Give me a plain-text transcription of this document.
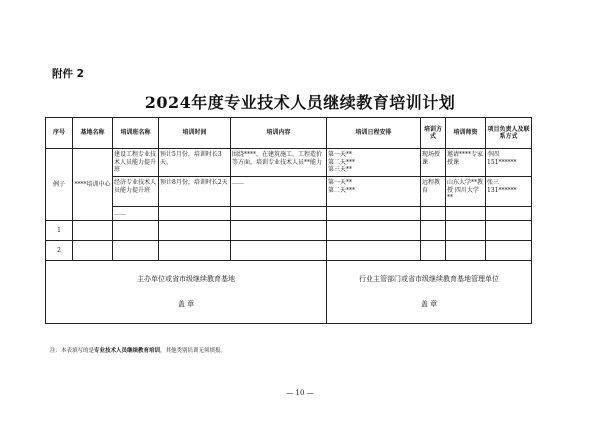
附件 2
2024年度专业技术人员继续教育培训计划
序号	基地名称	培训班名称	培训时间	培训内容	培训日程安排	培训方式	培训师资	项目负责人及联系方式
例子	****培训中心	建设工程专业技术人员能力提升班	预计5月份，培训时长3天。	围绕****，在建筑施工、工程造价等方面，培训专业技术人员**能力	第一天**
第二天***
第三天**	现场授课	邀请****专家授课	李四 151******
		经济专业技术人员能力提升班	预计8月份，培训时长2天	……	第一天**
第二天***	远程教育	山东大学**教授 四川大学**	张三 131******
		……						
1								
2								
主办单位或省市级继续教育基地
盖 章					行业主管部门或省市级继续教育基地管理单位
盖 章			
注：本表填写的是专业技术人员继续教育培训，其他类别培训无须填报。
— 10 —
